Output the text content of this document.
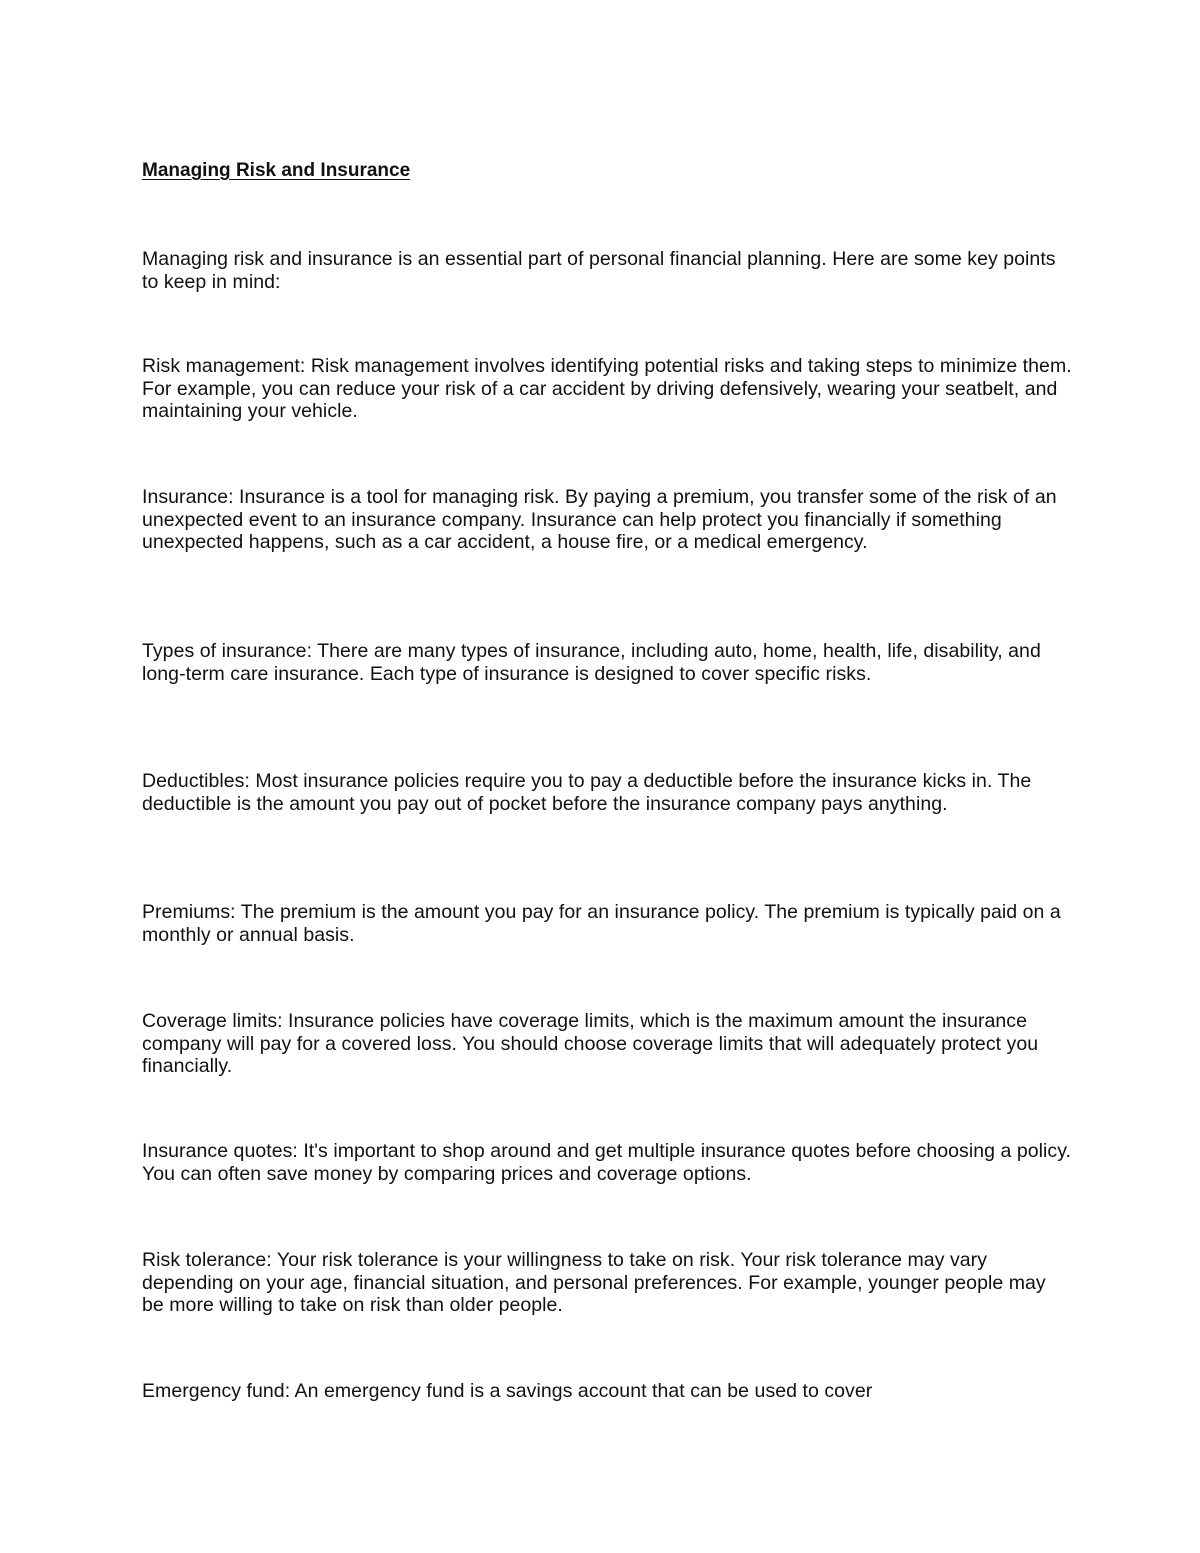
Managing Risk and Insurance

Managing risk and insurance is an essential part of personal financial planning. Here are some key points to keep in mind:

Risk management: Risk management involves identifying potential risks and taking steps to minimize them. For example, you can reduce your risk of a car accident by driving defensively, wearing your seatbelt, and maintaining your vehicle.

Insurance: Insurance is a tool for managing risk. By paying a premium, you transfer some of the risk of an unexpected event to an insurance company. Insurance can help protect you financially if something unexpected happens, such as a car accident, a house fire, or a medical emergency.

Types of insurance: There are many types of insurance, including auto, home, health, life, disability, and long-term care insurance. Each type of insurance is designed to cover specific risks.

Deductibles: Most insurance policies require you to pay a deductible before the insurance kicks in. The deductible is the amount you pay out of pocket before the insurance company pays anything.

Premiums: The premium is the amount you pay for an insurance policy. The premium is typically paid on a monthly or annual basis.

Coverage limits: Insurance policies have coverage limits, which is the maximum amount the insurance company will pay for a covered loss. You should choose coverage limits that will adequately protect you financially.

Insurance quotes: It's important to shop around and get multiple insurance quotes before choosing a policy. You can often save money by comparing prices and coverage options.

Risk tolerance: Your risk tolerance is your willingness to take on risk. Your risk tolerance may vary depending on your age, financial situation, and personal preferences. For example, younger people may be more willing to take on risk than older people.

Emergency fund: An emergency fund is a savings account that can be used to cover
